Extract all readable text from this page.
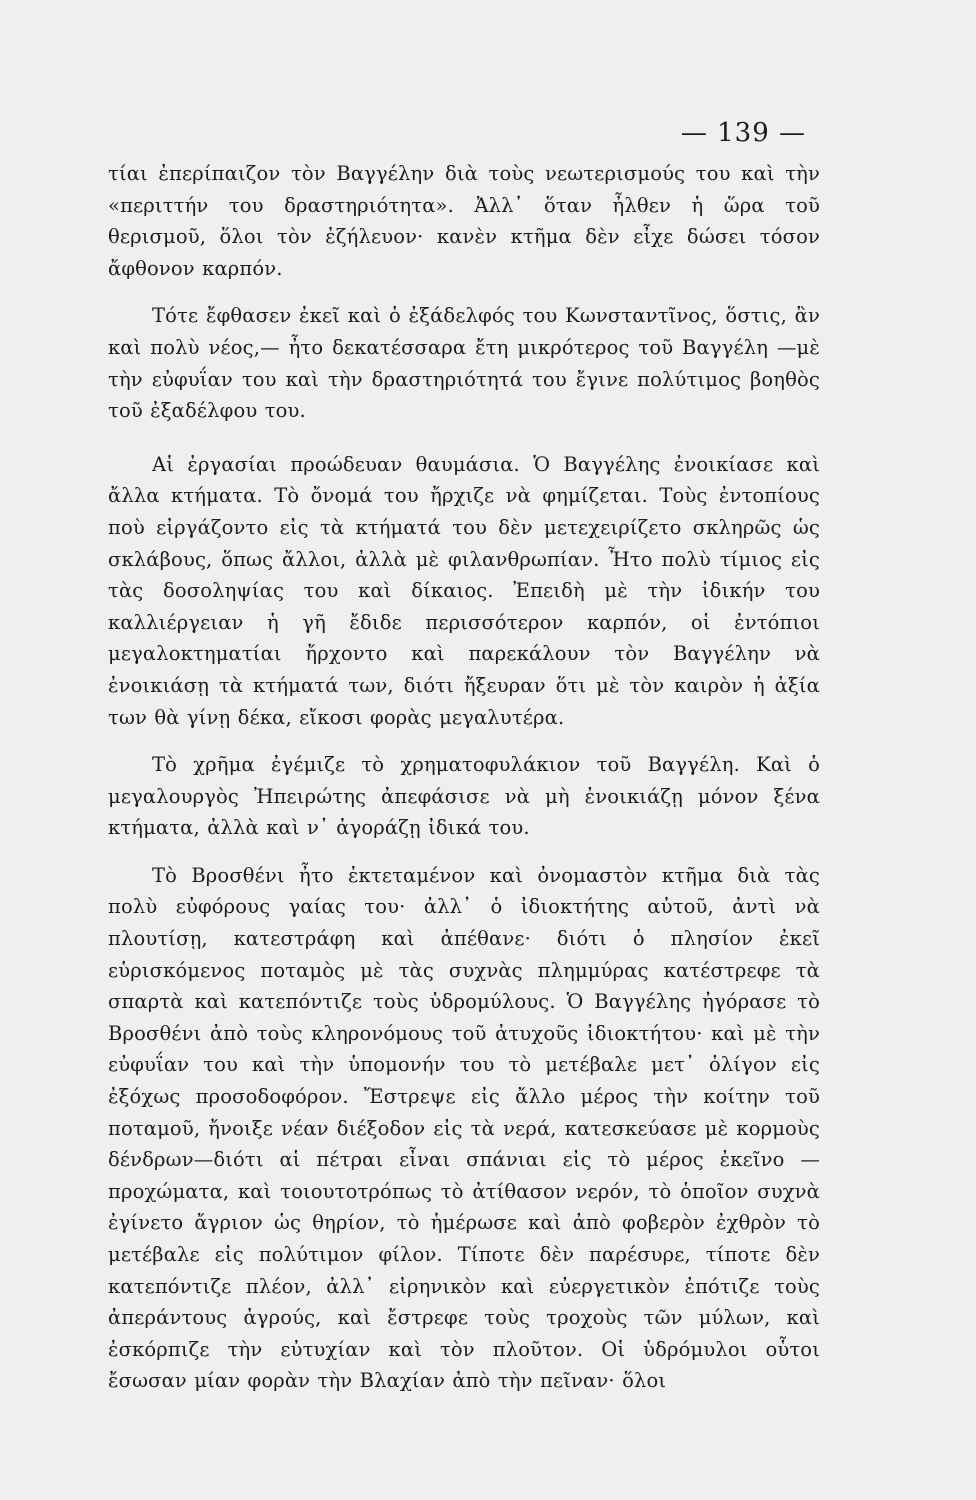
— 139 —

τίαι ἐπερίπαιζον τὸν Βαγγέλην διὰ τοὺς νεωτερισμούς του καὶ τὴν «περιττήν του δραστηριότητα». Ἀλλ᾽ ὅταν ἦλθεν ἡ ὥρα τοῦ θερισμοῦ, ὅλοι τὸν ἐζήλευον· κανὲν κτῆμα δὲν εἶχε δώσει τόσον ἄφθονον καρπόν.

Τότε ἔφθασεν ἐκεῖ καὶ ὁ ἐξάδελφός του Κωνσταντῖνος, ὅστις, ἂν καὶ πολὺ νέος,— ἦτο δεκατέσσαρα ἔτη μικρότερος τοῦ Βαγγέλη —μὲ τὴν εὐφυΐαν του καὶ τὴν δραστηριότητά του ἔγινε πολύτιμος βοηθὸς τοῦ ἐξαδέλφου του.

Αἱ ἐργασίαι προώδευαν θαυμάσια. Ὁ Βαγγέλης ἐνοικίασε καὶ ἄλλα κτήματα. Τὸ ὄνομά του ἤρχιζε νὰ φημίζεται. Τοὺς ἐντοπίους ποὺ εἰργάζοντο εἰς τὰ κτήματά του δὲν μετεχειρίζετο σκληρῶς ὡς σκλάβους, ὅπως ἄλλοι, ἀλλὰ μὲ φιλανθρωπίαν. Ἦτο πολὺ τίμιος εἰς τὰς δοσοληψίας του καὶ δίκαιος. Ἐπειδὴ μὲ τὴν ἰδικήν του καλλιέργειαν ἡ γῆ ἔδιδε περισσότερον καρπόν, οἱ ἐντόπιοι μεγαλοκτηματίαι ἤρχοντο καὶ παρεκάλουν τὸν Βαγγέλην νὰ ἐνοικιάσῃ τὰ κτήματά των, διότι ἤξευραν ὅτι μὲ τὸν καιρὸν ἡ ἀξία των θὰ γίνῃ δέκα, εἴκοσι φορὰς μεγαλυτέρα.

Τὸ χρῆμα ἐγέμιζε τὸ χρηματοφυλάκιον τοῦ Βαγγέλη. Καὶ ὁ μεγαλουργὸς Ἠπειρώτης ἀπεφάσισε νὰ μὴ ἐνοικιάζῃ μόνον ξένα κτήματα, ἀλλὰ καὶ ν᾽ ἀγοράζῃ ἰδικά του.

Τὸ Βροσθένι ἦτο ἐκτεταμένον καὶ ὀνομαστὸν κτῆμα διὰ τὰς πολὺ εὐφόρους γαίας του· ἀλλ᾽ ὁ ἰδιοκτήτης αὐτοῦ, ἀντὶ νὰ πλουτίσῃ, κατεστράφη καὶ ἀπέθανε· διότι ὁ πλησίον ἐκεῖ εὑρισκόμενος ποταμὸς μὲ τὰς συχνὰς πλημμύρας κατέστρεφε τὰ σπαρτὰ καὶ κατεπόντιζε τοὺς ὑδρομύλους. Ὁ Βαγγέλης ἠγόρασε τὸ Βροσθένι ἀπὸ τοὺς κληρονόμους τοῦ ἀτυχοῦς ἰδιοκτήτου· καὶ μὲ τὴν εὐφυΐαν του καὶ τὴν ὑπομονήν του τὸ μετέβαλε μετ᾽ ὀλίγον εἰς ἐξόχως προσοδοφόρον. Ἔστρεψε εἰς ἄλλο μέρος τὴν κοίτην τοῦ ποταμοῦ, ἤνοιξε νέαν διέξοδον εἰς τὰ νερά, κατεσκεύασε μὲ κορμοὺς δένδρων—διότι αἱ πέτραι εἶναι σπάνιαι εἰς τὸ μέρος ἐκεῖνο —προχώματα, καὶ τοιουτοτρόπως τὸ ἀτίθασον νερόν, τὸ ὁποῖον συχνὰ ἐγίνετο ἄγριον ὡς θηρίον, τὸ ἡμέρωσε καὶ ἀπὸ φοβερὸν ἐχθρὸν τὸ μετέβαλε εἰς πολύτιμον φίλον. Τίποτε δὲν παρέσυρε, τίποτε δὲν κατεπόντιζε πλέον, ἀλλ᾽ εἰρηνικὸν καὶ εὐεργετικὸν ἐπότιζε τοὺς ἀπεράντους ἀγρούς, καὶ ἔστρεφε τοὺς τροχοὺς τῶν μύλων, καὶ ἐσκόρπιζε τὴν εὐτυχίαν καὶ τὸν πλοῦτον. Οἱ ὑδρόμυλοι οὗτοι ἔσωσαν μίαν φορὰν τὴν Βλαχίαν ἀπὸ τὴν πεῖναν· ὅλοι
